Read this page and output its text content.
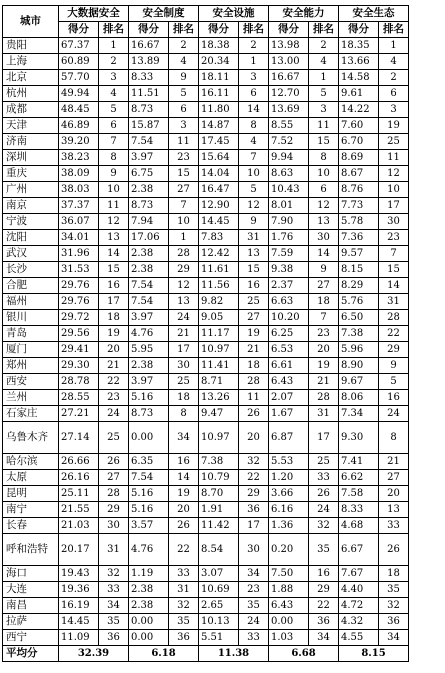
城市	大数据安全		安全制度		安全设施		安全能力		安全生态	
	得分	排名	得分	排名	得分	排名	得分	排名	得分	排名
贵阳	67.37	1	16.67	2	18.38	2	13.98	2	18.35	1
上海	60.89	2	13.89	4	20.34	1	13.00	4	13.66	4
北京	57.70	3	8.33	9	18.11	3	16.67	1	14.58	2
杭州	49.94	4	11.51	5	16.11	6	12.70	5	9.61	6
成都	48.45	5	8.73	6	11.80	14	13.69	3	14.22	3
天津	46.89	6	15.87	3	14.87	8	8.55	11	7.60	19
济南	39.20	7	7.54	11	17.45	4	7.52	15	6.70	25
深圳	38.23	8	3.97	23	15.64	7	9.94	8	8.69	11
重庆	38.09	9	6.75	15	14.04	10	8.63	10	8.67	12
广州	38.03	10	2.38	27	16.47	5	10.43	6	8.76	10
南京	37.37	11	8.73	7	12.90	12	8.01	12	7.73	17
宁波	36.07	12	7.94	10	14.45	9	7.90	13	5.78	30
沈阳	34.01	13	17.06	1	7.83	31	1.76	30	7.36	23
武汉	31.96	14	2.38	28	12.42	13	7.59	14	9.57	7
长沙	31.53	15	2.38	29	11.61	15	9.38	9	8.15	15
合肥	29.76	16	7.54	12	11.56	16	2.37	27	8.29	14
福州	29.76	17	7.54	13	9.82	25	6.63	18	5.76	31
银川	29.72	18	3.97	24	9.05	27	10.20	7	6.50	28
青岛	29.56	19	4.76	21	11.17	19	6.25	23	7.38	22
厦门	29.41	20	5.95	17	10.97	21	6.53	20	5.96	29
郑州	29.30	21	2.38	30	11.41	18	6.61	19	8.90	9
西安	28.78	22	3.97	25	8.71	28	6.43	21	9.67	5
兰州	28.55	23	5.16	18	13.26	11	2.07	28	8.06	16
石家庄	27.21	24	8.73	8	9.47	26	1.67	31	7.34	24
乌鲁木齐	27.14	25	0.00	34	10.97	20	6.87	17	9.30	8
哈尔滨	26.66	26	6.35	16	7.38	32	5.53	25	7.41	21
太原	26.16	27	7.54	14	10.79	22	1.20	33	6.62	27
昆明	25.11	28	5.16	19	8.70	29	3.66	26	7.58	20
南宁	21.55	29	5.16	20	1.91	36	6.16	24	8.33	13
长春	21.03	30	3.57	26	11.42	17	1.36	32	4.68	33
呼和浩特	20.17	31	4.76	22	8.54	30	0.20	35	6.67	26
海口	19.43	32	1.19	33	3.07	34	7.50	16	7.67	18
大连	19.36	33	2.38	31	10.69	23	1.88	29	4.40	35
南昌	16.19	34	2.38	32	2.65	35	6.43	22	4.72	32
拉萨	14.45	35	0.00	35	10.13	24	0.00	36	4.32	36
西宁	11.09	36	0.00	36	5.51	33	1.03	34	4.55	34
平均分	32.39		6.18		11.38		6.68		8.15	
